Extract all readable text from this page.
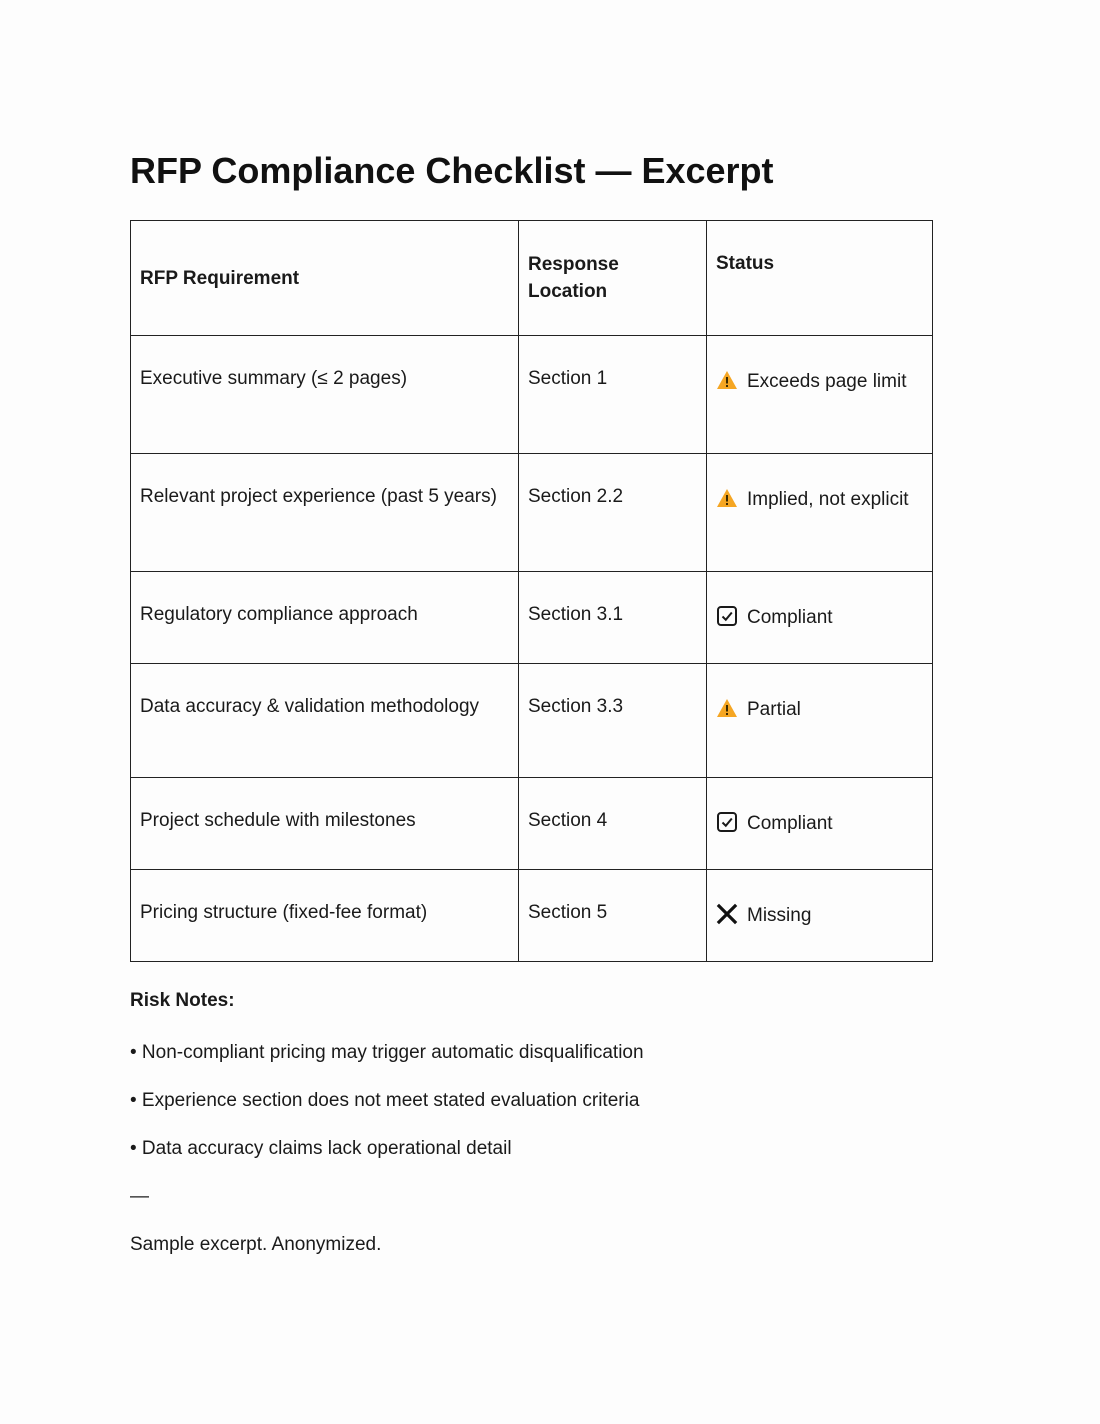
RFP Compliance Checklist — Excerpt
RFP Requirement	Response Location	Status
Executive summary (≤ 2 pages)	Section 1	Exceeds page limit
Relevant project experience (past 5 years)	Section 2.2	Implied, not explicit
Regulatory compliance approach	Section 3.1	Compliant
Data accuracy & validation methodology	Section 3.3	Partial
Project schedule with milestones	Section 4	Compliant
Pricing structure (fixed-fee format)	Section 5	Missing
Risk Notes:
• Non-compliant pricing may trigger automatic disqualification
• Experience section does not meet stated evaluation criteria
• Data accuracy claims lack operational detail
—
Sample excerpt. Anonymized.
